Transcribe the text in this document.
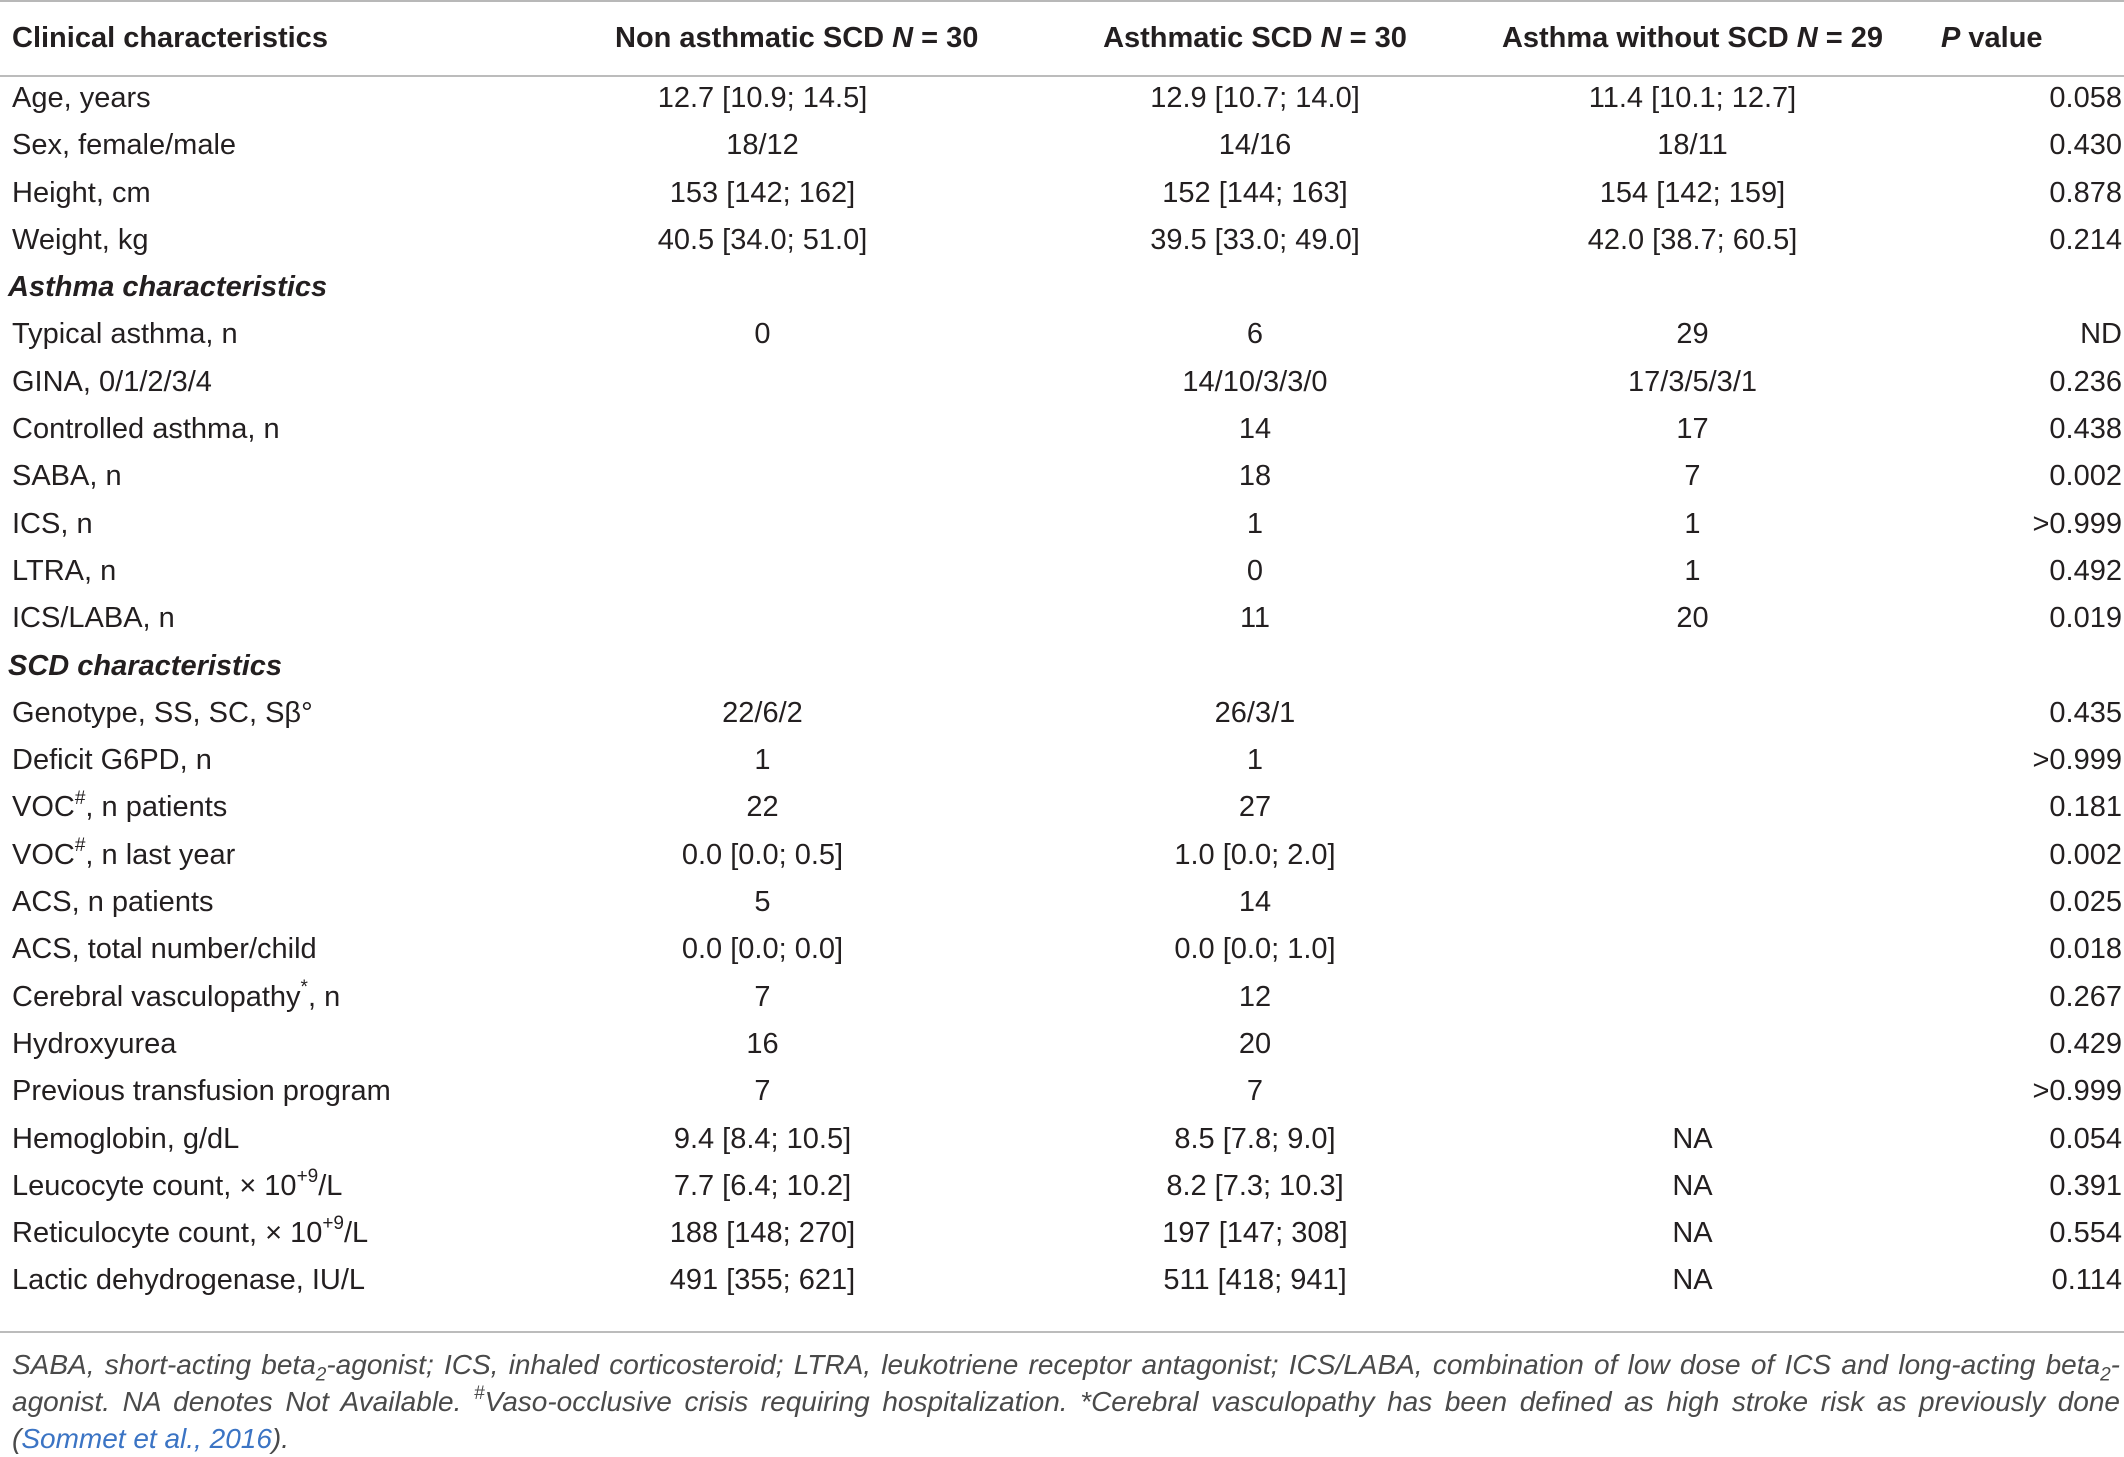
Clinical characteristics	Non asthmatic SCD N = 30	Asthmatic SCD N = 30	Asthma without SCD N = 29	P value
Age, years	12.7 [10.9; 14.5]	12.9 [10.7; 14.0]	11.4 [10.1; 12.7]	0.058
Sex, female/male	18/12	14/16	18/11	0.430
Height, cm	153 [142; 162]	152 [144; 163]	154 [142; 159]	0.878
Weight, kg	40.5 [34.0; 51.0]	39.5 [33.0; 49.0]	42.0 [38.7; 60.5]	0.214
Asthma characteristics				
Typical asthma, n	0	6	29	ND
GINA, 0/1/2/3/4		14/10/3/3/0	17/3/5/3/1	0.236
Controlled asthma, n		14	17	0.438
SABA, n		18	7	0.002
ICS, n		1	1	>0.999
LTRA, n		0	1	0.492
ICS/LABA, n		11	20	0.019
SCD characteristics				
Genotype, SS, SC, Sβ°	22/6/2	26/3/1		0.435
Deficit G6PD, n	1	1		>0.999
VOC#, n patients	22	27		0.181
VOC#, n last year	0.0 [0.0; 0.5]	1.0 [0.0; 2.0]		0.002
ACS, n patients	5	14		0.025
ACS, total number/child	0.0 [0.0; 0.0]	0.0 [0.0; 1.0]		0.018
Cerebral vasculopathy*, n	7	12		0.267
Hydroxyurea	16	20		0.429
Previous transfusion program	7	7		>0.999
Hemoglobin, g/dL	9.4 [8.4; 10.5]	8.5 [7.8; 9.0]	NA	0.054
Leucocyte count, × $10^{+9}/L$	7.7 [6.4; 10.2]	8.2 [7.3; 10.3]	NA	0.391
Reticulocyte count, × $10^{+9}/L$	188 [148; 270]	197 [147; 308]	NA	0.554
Lactic dehydrogenase, IU/L	491 [355; 621]	511 [418; 941]	NA	0.114
SABA, short-acting beta$_2$-agonist; ICS, inhaled corticosteroid; LTRA, leukotriene receptor antagonist; ICS/LABA, combination of low dose of ICS and long-acting beta$_2$-agonist. NA denotes Not Available. #Vaso-occlusive crisis requiring hospitalization. *Cerebral vasculopathy has been defined as high stroke risk as previously done (Sommet et al., 2016).
